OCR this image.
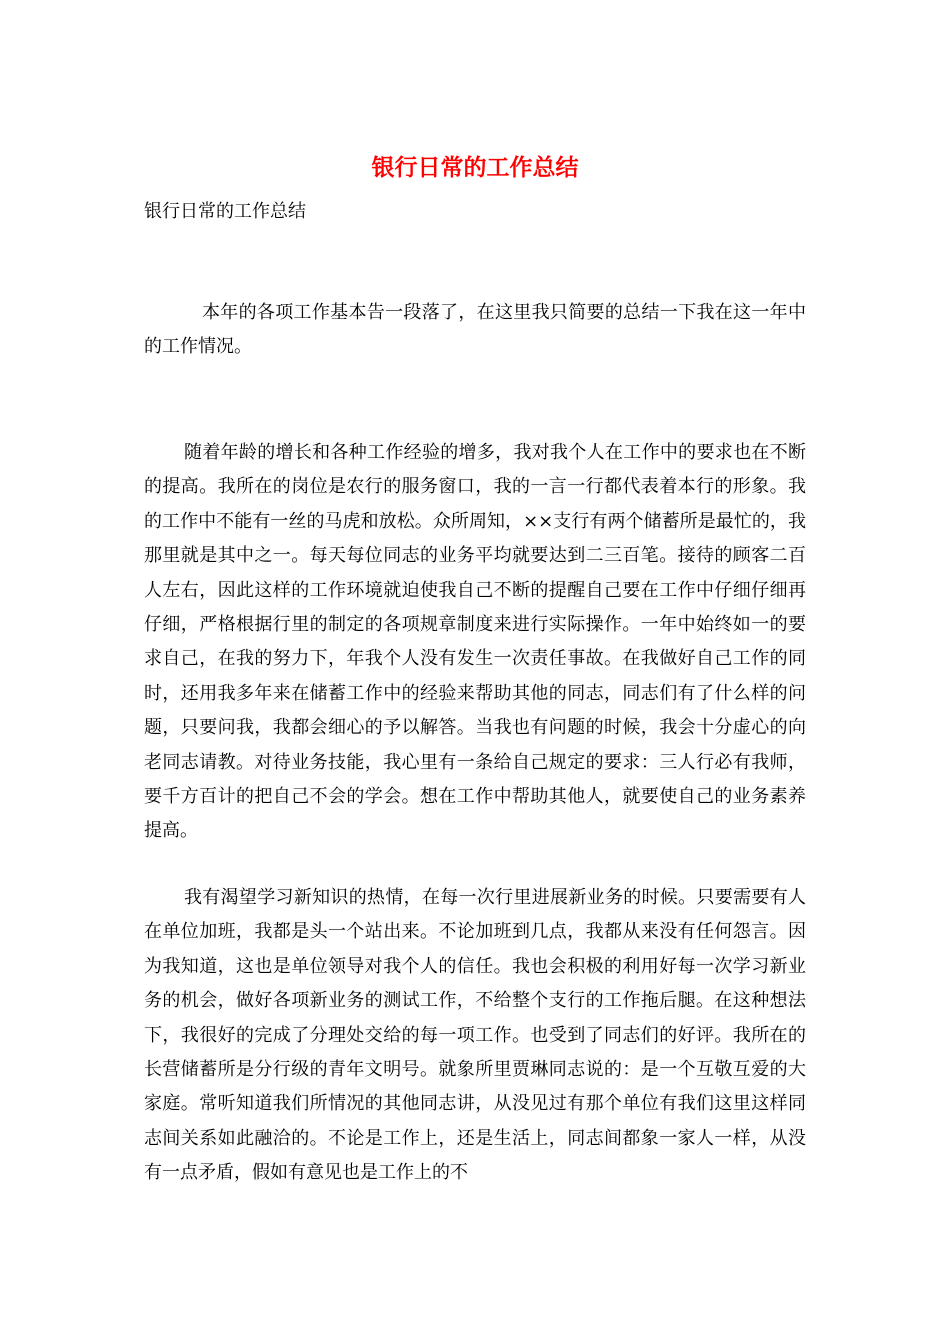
银行日常的工作总结
银行日常的工作总结

本年的各项工作基本告一段落了，在这里我只简要的总结一下我在这一年中的工作情况。

随着年龄的增长和各种工作经验的增多，我对我个人在工作中的要求也在不断的提高。我所在的岗位是农行的服务窗口，我的一言一行都代表着本行的形象。我的工作中不能有一丝的马虎和放松。众所周知，××支行有两个储蓄所是最忙的，我那里就是其中之一。每天每位同志的业务平均就要达到二三百笔。接待的顾客二百人左右，因此这样的工作环境就迫使我自己不断的提醒自己要在工作中仔细仔细再仔细，严格根据行里的制定的各项规章制度来进行实际操作。一年中始终如一的要求自己，在我的努力下，年我个人没有发生一次责任事故。在我做好自己工作的同时，还用我多年来在储蓄工作中的经验来帮助其他的同志，同志们有了什么样的问题，只要问我，我都会细心的予以解答。当我也有问题的时候，我会十分虚心的向老同志请教。对待业务技能，我心里有一条给自己规定的要求：三人行必有我师，要千方百计的把自己不会的学会。想在工作中帮助其他人，就要使自己的业务素养提高。

我有渴望学习新知识的热情，在每一次行里进展新业务的时候。只要需要有人在单位加班，我都是头一个站出来。不论加班到几点，我都从来没有任何怨言。因为我知道，这也是单位领导对我个人的信任。我也会积极的利用好每一次学习新业务的机会，做好各项新业务的测试工作，不给整个支行的工作拖后腿。在这种想法下，我很好的完成了分理处交给的每一项工作。也受到了同志们的好评。我所在的长营储蓄所是分行级的青年文明号。就象所里贾琳同志说的：是一个互敬互爱的大家庭。常听知道我们所情况的其他同志讲，从没见过有那个单位有我们这里这样同志间关系如此融洽的。不论是工作上，还是生活上，同志间都象一家人一样，从没有一点矛盾，假如有意见也是工作上的不
